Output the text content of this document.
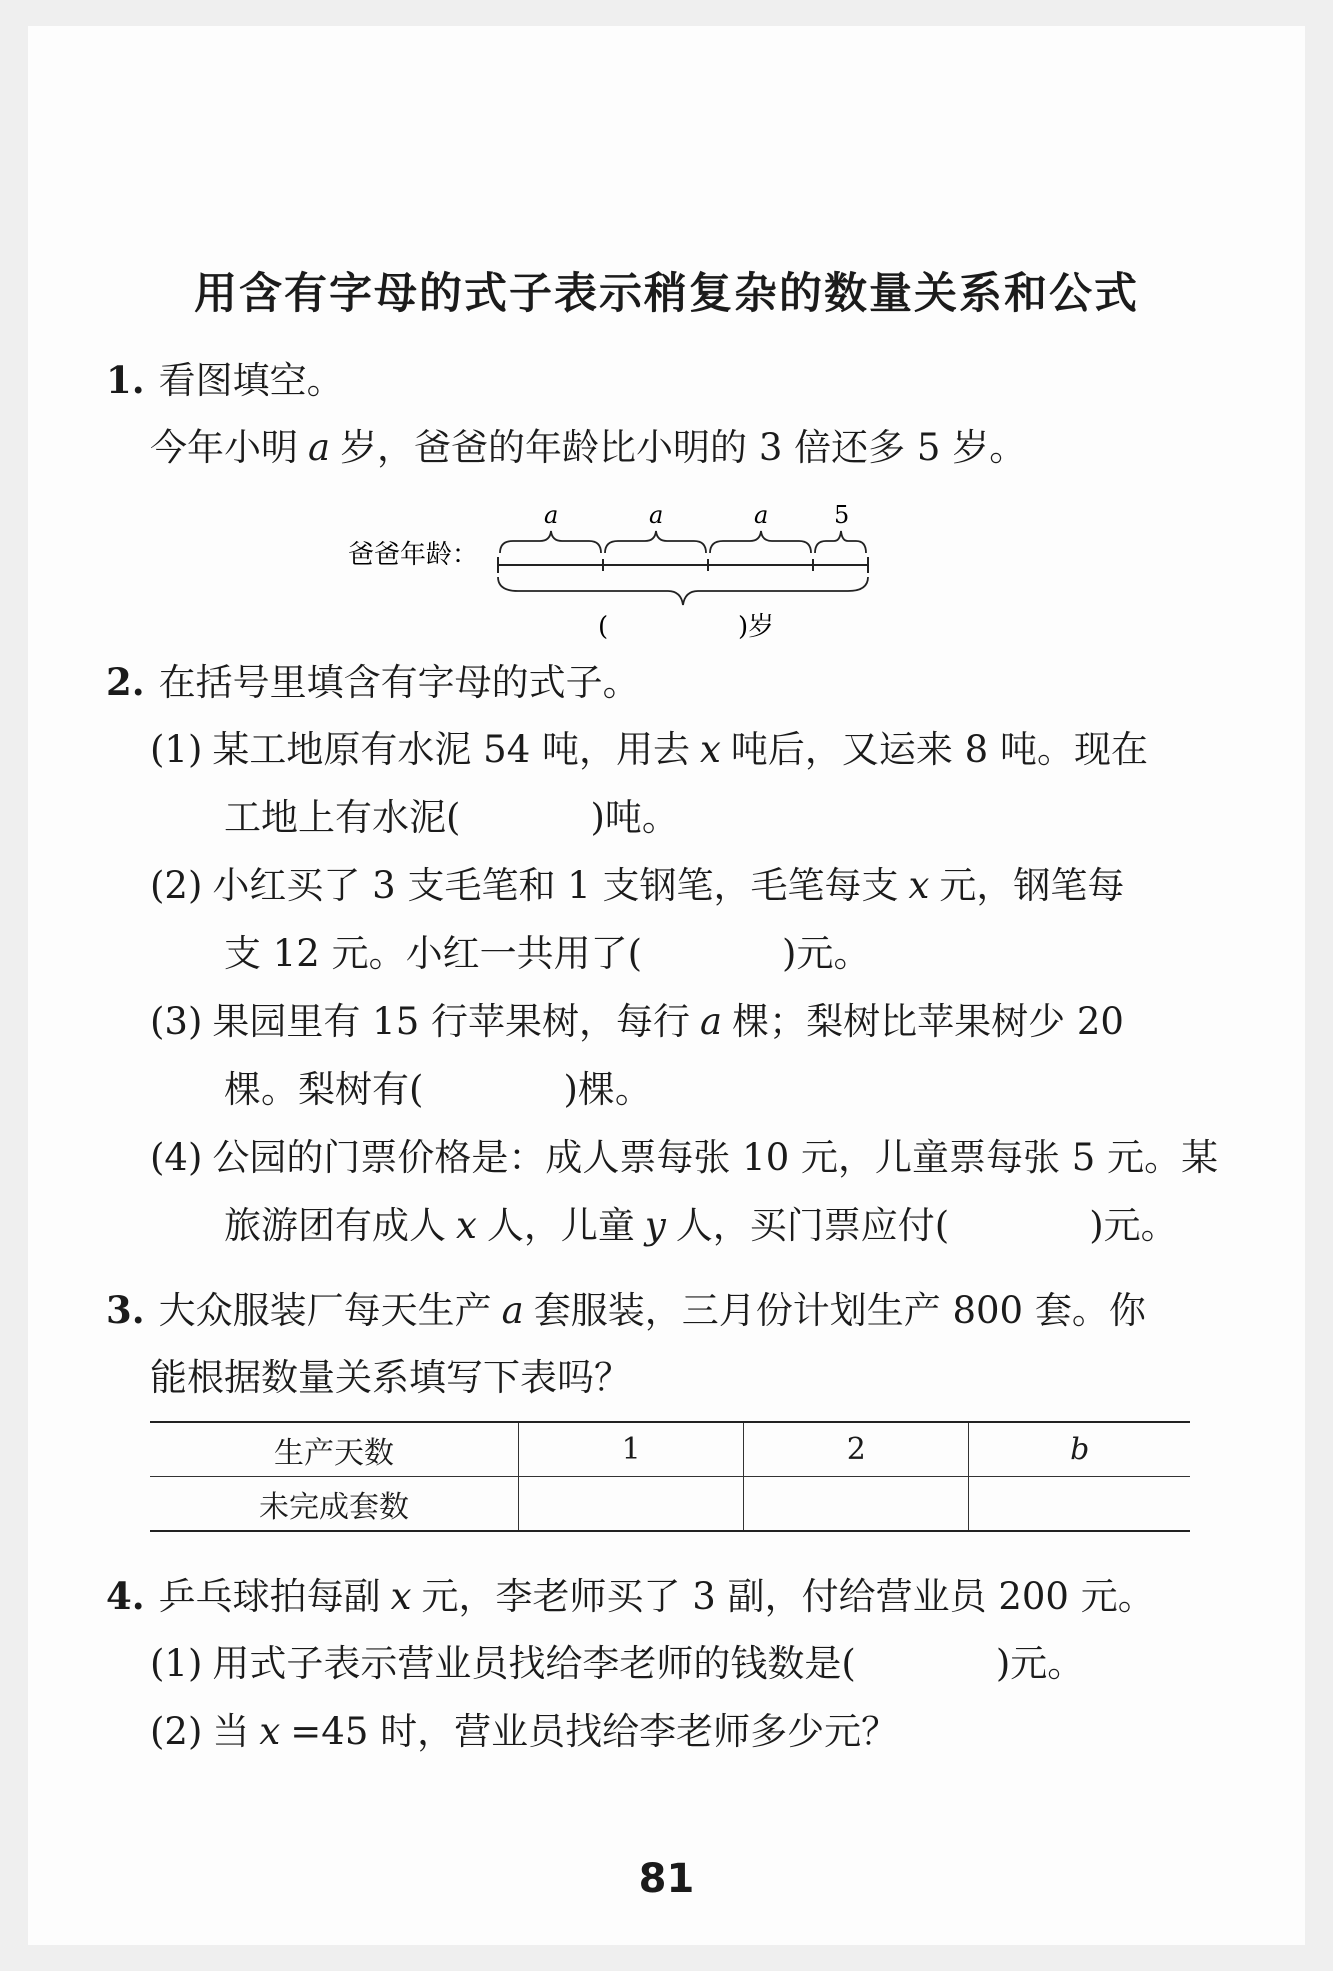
用含有字母的式子表示稍复杂的数量关系和公式
1. 看图填空。
今年小明 a 岁，爸爸的年龄比小明的 3 倍还多 5 岁。
爸爸年龄：
a	a	a	5
(	)岁
2. 在括号里填含有字母的式子。
(1) 某工地原有水泥 54 吨，用去 x 吨后，又运来 8 吨。现在
工地上有水泥(	)吨。
(2) 小红买了 3 支毛笔和 1 支钢笔，毛笔每支 x 元，钢笔每
支 12 元。小红一共用了(	)元。
(3) 果园里有 15 行苹果树，每行 a 棵；梨树比苹果树少 20
棵。梨树有(	)棵。
(4) 公园的门票价格是：成人票每张 10 元，儿童票每张 5 元。某
旅游团有成人 x 人，儿童 y 人，买门票应付(	)元。
3. 大众服装厂每天生产 a 套服装，三月份计划生产 800 套。你
能根据数量关系填写下表吗？
生产天数	1	2	b
未完成套数			
4. 乒乓球拍每副 x 元，李老师买了 3 副，付给营业员 200 元。
(1) 用式子表示营业员找给李老师的钱数是(	)元。
(2) 当 x =45 时，营业员找给李老师多少元？
81
